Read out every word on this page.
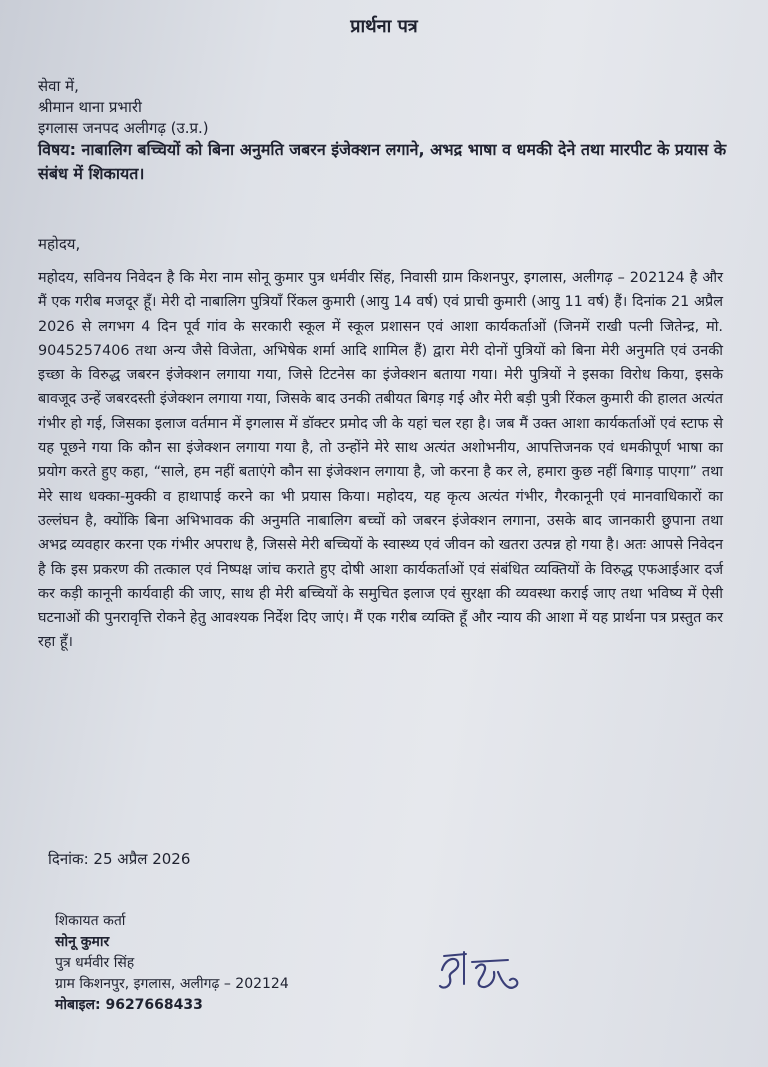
प्रार्थना पत्र
सेवा में,
श्रीमान थाना प्रभारी
इगलास जनपद अलीगढ़ (उ.प्र.)
विषय: नाबालिग बच्चियों को बिना अनुमति जबरन इंजेक्शन लगाने, अभद्र भाषा व धमकी देने तथा मारपीट के प्रयास के संबंध में शिकायत।
महोदय,
महोदय, सविनय निवेदन है कि मेरा नाम सोनू कुमार पुत्र धर्मवीर सिंह, निवासी ग्राम किशनपुर, इगलास, अलीगढ़ – 202124 है और मैं एक गरीब मजदूर हूँ। मेरी दो नाबालिग पुत्रियाँ रिंकल कुमारी (आयु 14 वर्ष) एवं प्राची कुमारी (आयु 11 वर्ष) हैं। दिनांक 21 अप्रैल 2026 से लगभग 4 दिन पूर्व गांव के सरकारी स्कूल में स्कूल प्रशासन एवं आशा कार्यकर्ताओं (जिनमें राखी पत्नी जितेन्द्र, मो. 9045257406 तथा अन्य जैसे विजेता, अभिषेक शर्मा आदि शामिल हैं) द्वारा मेरी दोनों पुत्रियों को बिना मेरी अनुमति एवं उनकी इच्छा के विरुद्ध जबरन इंजेक्शन लगाया गया, जिसे टिटनेस का इंजेक्शन बताया गया। मेरी पुत्रियों ने इसका विरोध किया, इसके बावजूद उन्हें जबरदस्ती इंजेक्शन लगाया गया, जिसके बाद उनकी तबीयत बिगड़ गई और मेरी बड़ी पुत्री रिंकल कुमारी की हालत अत्यंत गंभीर हो गई, जिसका इलाज वर्तमान में इगलास में डॉक्टर प्रमोद जी के यहां चल रहा है। जब मैं उक्त आशा कार्यकर्ताओं एवं स्टाफ से यह पूछने गया कि कौन सा इंजेक्शन लगाया गया है, तो उन्होंने मेरे साथ अत्यंत अशोभनीय, आपत्तिजनक एवं धमकीपूर्ण भाषा का प्रयोग करते हुए कहा, “साले, हम नहीं बताएंगे कौन सा इंजेक्शन लगाया है, जो करना है कर ले, हमारा कुछ नहीं बिगाड़ पाएगा” तथा मेरे साथ धक्का-मुक्की व हाथापाई करने का भी प्रयास किया। महोदय, यह कृत्य अत्यंत गंभीर, गैरकानूनी एवं मानवाधिकारों का उल्लंघन है, क्योंकि बिना अभिभावक की अनुमति नाबालिग बच्चों को जबरन इंजेक्शन लगाना, उसके बाद जानकारी छुपाना तथा अभद्र व्यवहार करना एक गंभीर अपराध है, जिससे मेरी बच्चियों के स्वास्थ्य एवं जीवन को खतरा उत्पन्न हो गया है। अतः आपसे निवेदन है कि इस प्रकरण की तत्काल एवं निष्पक्ष जांच कराते हुए दोषी आशा कार्यकर्ताओं एवं संबंधित व्यक्तियों के विरुद्ध एफआईआर दर्ज कर कड़ी कानूनी कार्यवाही की जाए, साथ ही मेरी बच्चियों के समुचित इलाज एवं सुरक्षा की व्यवस्था कराई जाए तथा भविष्य में ऐसी घटनाओं की पुनरावृत्ति रोकने हेतु आवश्यक निर्देश दिए जाएं। मैं एक गरीब व्यक्ति हूँ और न्याय की आशा में यह प्रार्थना पत्र प्रस्तुत कर रहा हूँ।
दिनांक: 25 अप्रैल 2026
शिकायत कर्ता
सोनू कुमार
पुत्र धर्मवीर सिंह
ग्राम किशनपुर, इगलास, अलीगढ़ – 202124
मोबाइल: 9627668433
